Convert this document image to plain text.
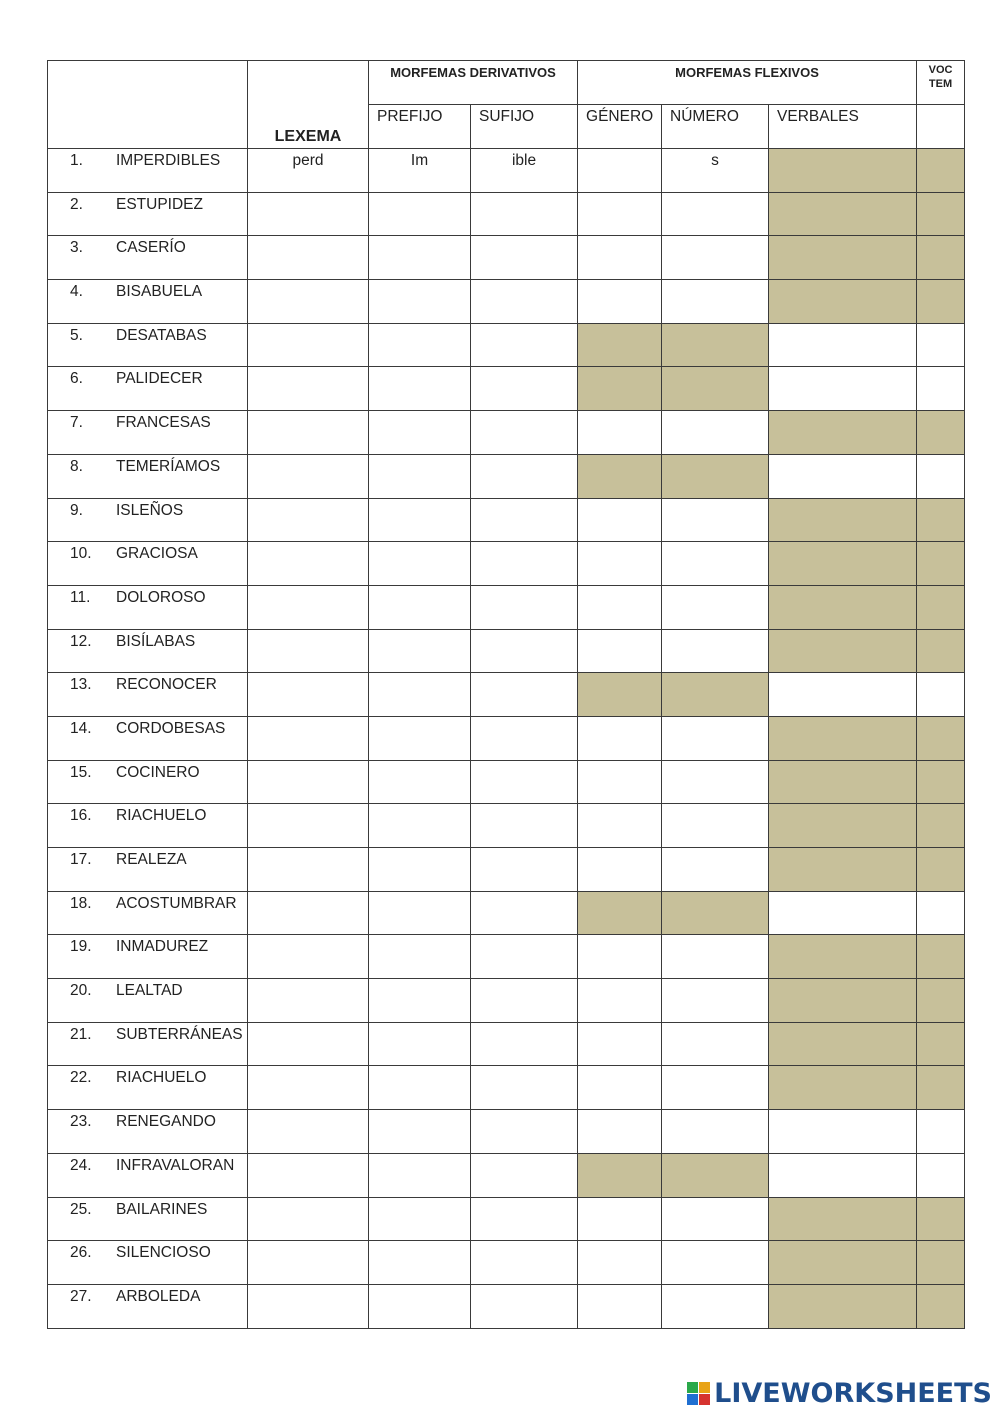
	LEXEMA	MORFEMAS DERIVATIVOS		MORFEMAS FLEXIVOS			VOC
TEM

		PREFIJO	SUFIJO	GÉNERO	NÚMERO	VERBALES	

1. IMPERDIBLES	perd	Im	ible		s		

2. ESTUPIDEZ							

3. CASERÍO							

4. BISABUELA							

5. DESATABAS							

6. PALIDECER							

7. FRANCESAS							

8. TEMERÍAMOS							

9. ISLEÑOS							

10. GRACIOSA							

11. DOLOROSO							

12. BISÍLABAS							

13. RECONOCER							

14. CORDOBESAS							

15. COCINERO							

16. RIACHUELO							

17. REALEZA							

18. ACOSTUMBRAR							

19. INMADUREZ							

20. LEALTAD							

21. SUBTERRÁNEAS							

22. RIACHUELO							

23. RENEGANDO							

24. INFRAVALORAN							

25. BAILARINES							

26. SILENCIOSO							

27. ARBOLEDA							

LIVEWORKSHEETS
